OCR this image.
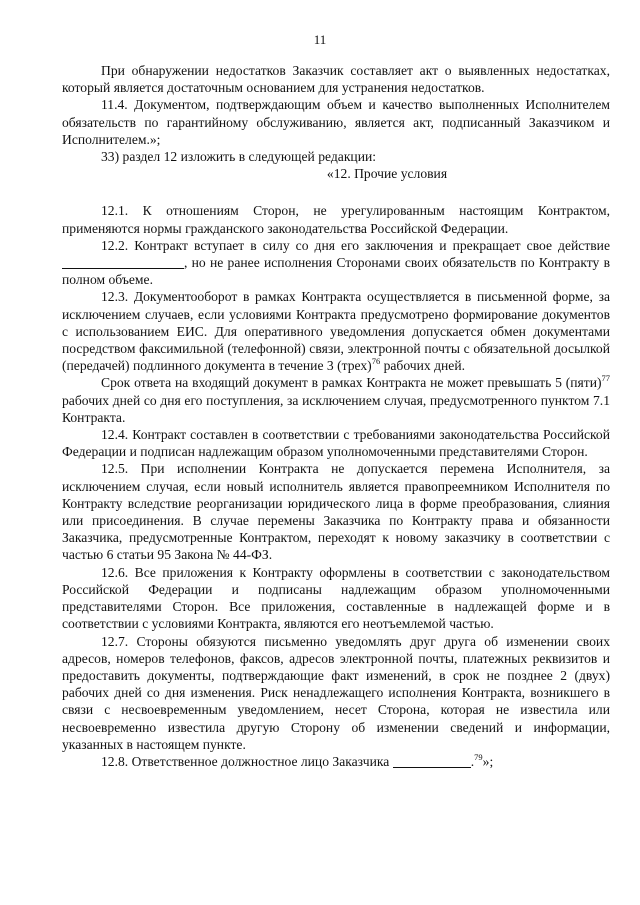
11

При обнаружении недостатков Заказчик составляет акт о выявленных недостатках, который является достаточным основанием для устранения недостатков.

11.4. Документом, подтверждающим объем и качество выполненных Исполнителем обязательств по гарантийному обслуживанию, является акт, подписанный Заказчиком и Исполнителем.»;

33) раздел 12 изложить в следующей редакции:

«12. Прочие условия

12.1. К отношениям Сторон, не урегулированным настоящим Контрактом, применяются нормы гражданского законодательства Российской Федерации.

12.2. Контракт вступает в силу со дня его заключения и прекращает свое действие , но не ранее исполнения Сторонами своих обязательств по Контракту в полном объеме.

12.3. Документооборот в рамках Контракта осуществляется в письменной форме, за исключением случаев, если условиями Контракта предусмотрено формирование документов с использованием ЕИС. Для оперативного уведомления допускается обмен документами посредством факсимильной (телефонной) связи, электронной почты с обязательной досылкой (передачей) подлинного документа в течение 3 (трех)$^{76}$ рабочих дней.

Срок ответа на входящий документ в рамках Контракта не может превышать 5 (пяти)$^{77}$ рабочих дней со дня его поступления, за исключением случая, предусмотренного пунктом 7.1 Контракта.

12.4. Контракт составлен в соответствии с требованиями законодательства Российской Федерации и подписан надлежащим образом уполномоченными представителями Сторон.

12.5. При исполнении Контракта не допускается перемена Исполнителя, за исключением случая, если новый исполнитель является правопреемником Исполнителя по Контракту вследствие реорганизации юридического лица в форме преобразования, слияния или присоединения. В случае перемены Заказчика по Контракту права и обязанности Заказчика, предусмотренные Контрактом, переходят к новому заказчику в соответствии с частью 6 статьи 95 Закона № 44-ФЗ.

12.6. Все приложения к Контракту оформлены в соответствии с законодательством Российской Федерации и подписаны надлежащим образом уполномоченными представителями Сторон. Все приложения, составленные в надлежащей форме и в соответствии с условиями Контракта, являются его неотъемлемой частью.

12.7. Стороны обязуются письменно уведомлять друг друга об изменении своих адресов, номеров телефонов, факсов, адресов электронной почты, платежных реквизитов и предоставить документы, подтверждающие факт изменений, в срок не позднее 2 (двух) рабочих дней со дня изменения. Риск ненадлежащего исполнения Контракта, возникшего в связи с несвоевременным уведомлением, несет Сторона, которая не известила или несвоевременно известила другую Сторону об изменении сведений и информации, указанных в настоящем пункте.

12.8. Ответственное должностное лицо Заказчика	.$^{79}$»;
